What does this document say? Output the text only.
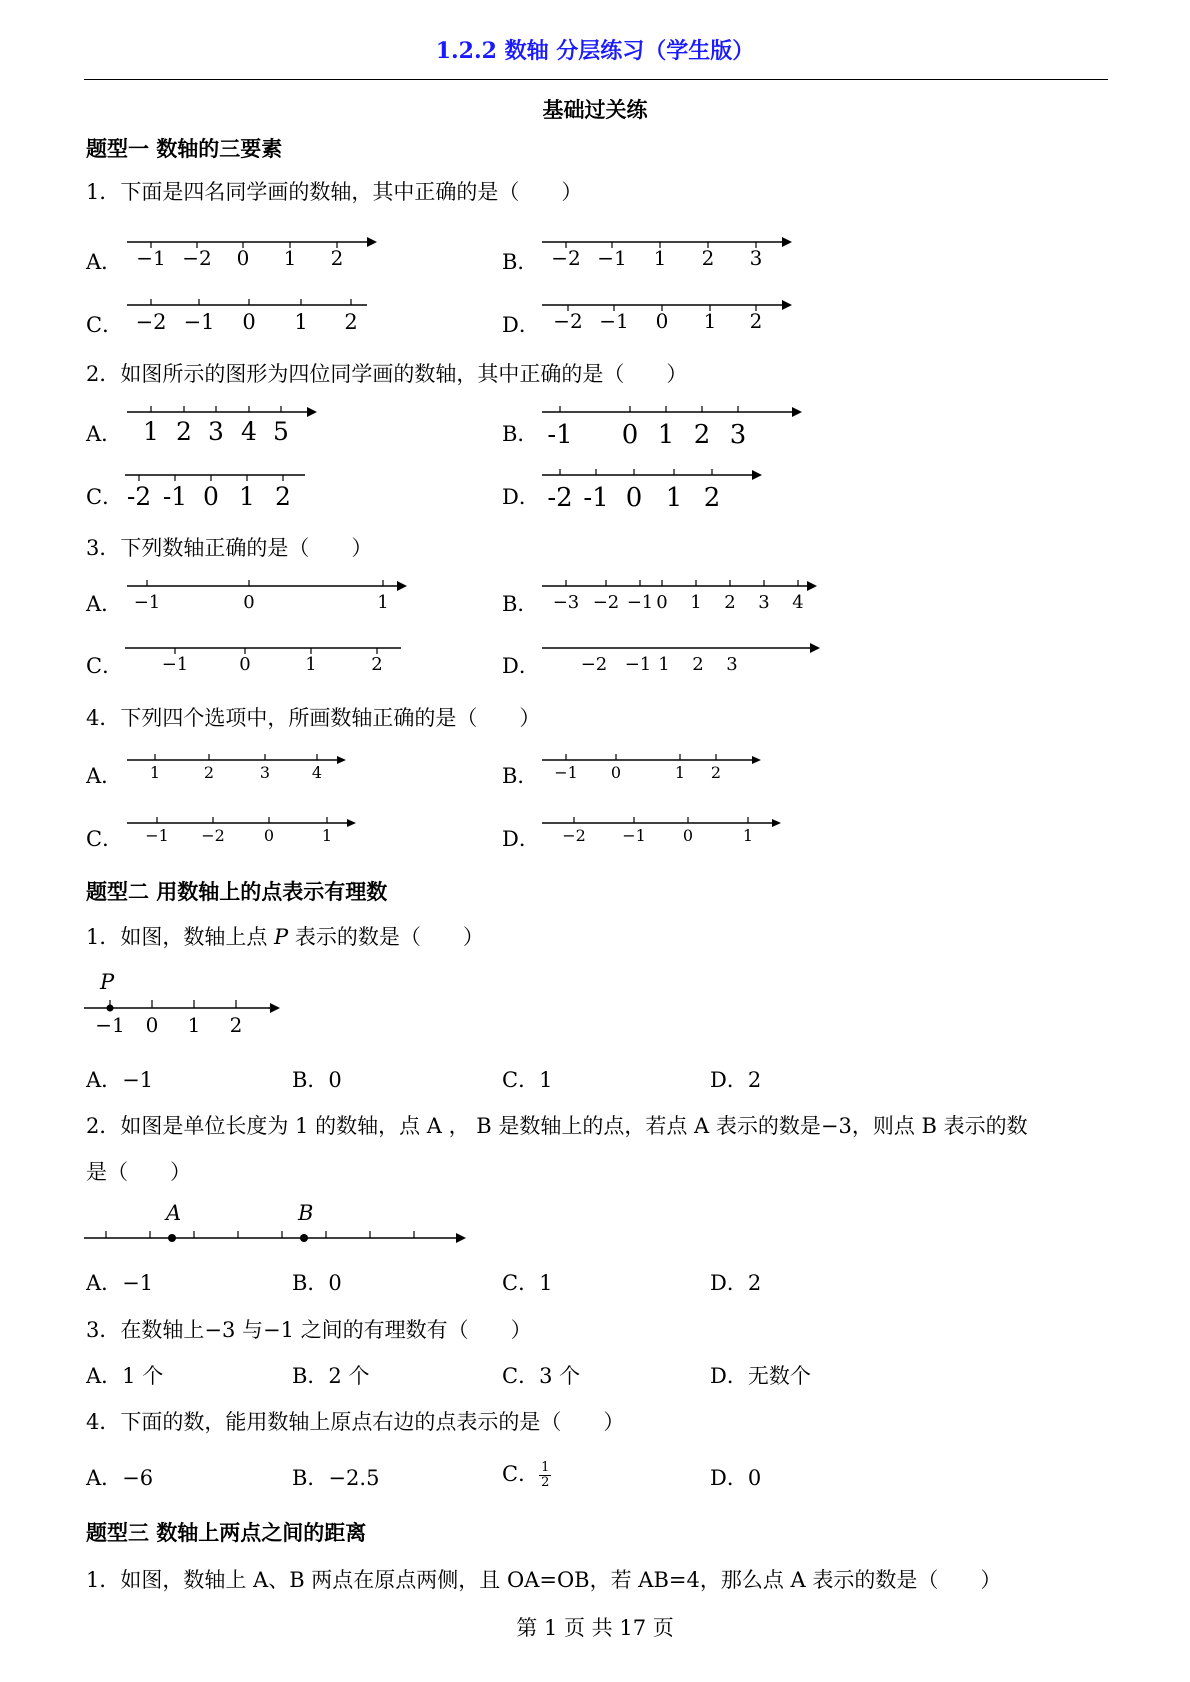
1.2.2 数轴 分层练习（学生版）
基础过关练
题型一 数轴的三要素
1．下面是四名同学画的数轴，其中正确的是（　　）
A． −1 −2 0 1 2	B． −2 −1 1 2 3
C． −2 −1 0 1 2	D． −2 −1 0 1 2
2．如图所示的图形为四位同学画的数轴，其中正确的是（　　）
A． 1 2 3 4 5	B． -1 0 1 2 3
C． -2 -1 0 1 2	D． -2 -1 0 1 2
3．下列数轴正确的是（　　）
A． −1	0	1	B． −3 −2 −1 0 1 2 3 4
C． −1	0	1	2	D． −2 −1 1 2 3
4．下列四个选项中，所画数轴正确的是（　　）
A． 1	2	3	4	B． −1 0	1 2
C． −1 −2 0	1	D． −2 −1 0	1
题型二 用数轴上的点表示有理数
1．如图，数轴上点 P 表示的数是（　　）
P
−1 0 1 2
A．−1	B．0	C．1	D．2
2．如图是单位长度为 1 的数轴，点 A ， B 是数轴上的点，若点 A 表示的数是−3，则点 B 表示的数
是（　　）
A	B
A．−1	B．0	C．1	D．2
3．在数轴上−3 与−1 之间的有理数有（　　）
A．1 个	B．2 个	C．3 个	D．无数个
4．下面的数，能用数轴上原点右边的点表示的是（　　）
A．−6	B．−2.5	C． $\frac{1}{2}$	D．0
题型三 数轴上两点之间的距离
1．如图，数轴上 A、B 两点在原点两侧，且 OA=OB，若 AB=4，那么点 A 表示的数是（　　）
第 1 页 共 17 页
